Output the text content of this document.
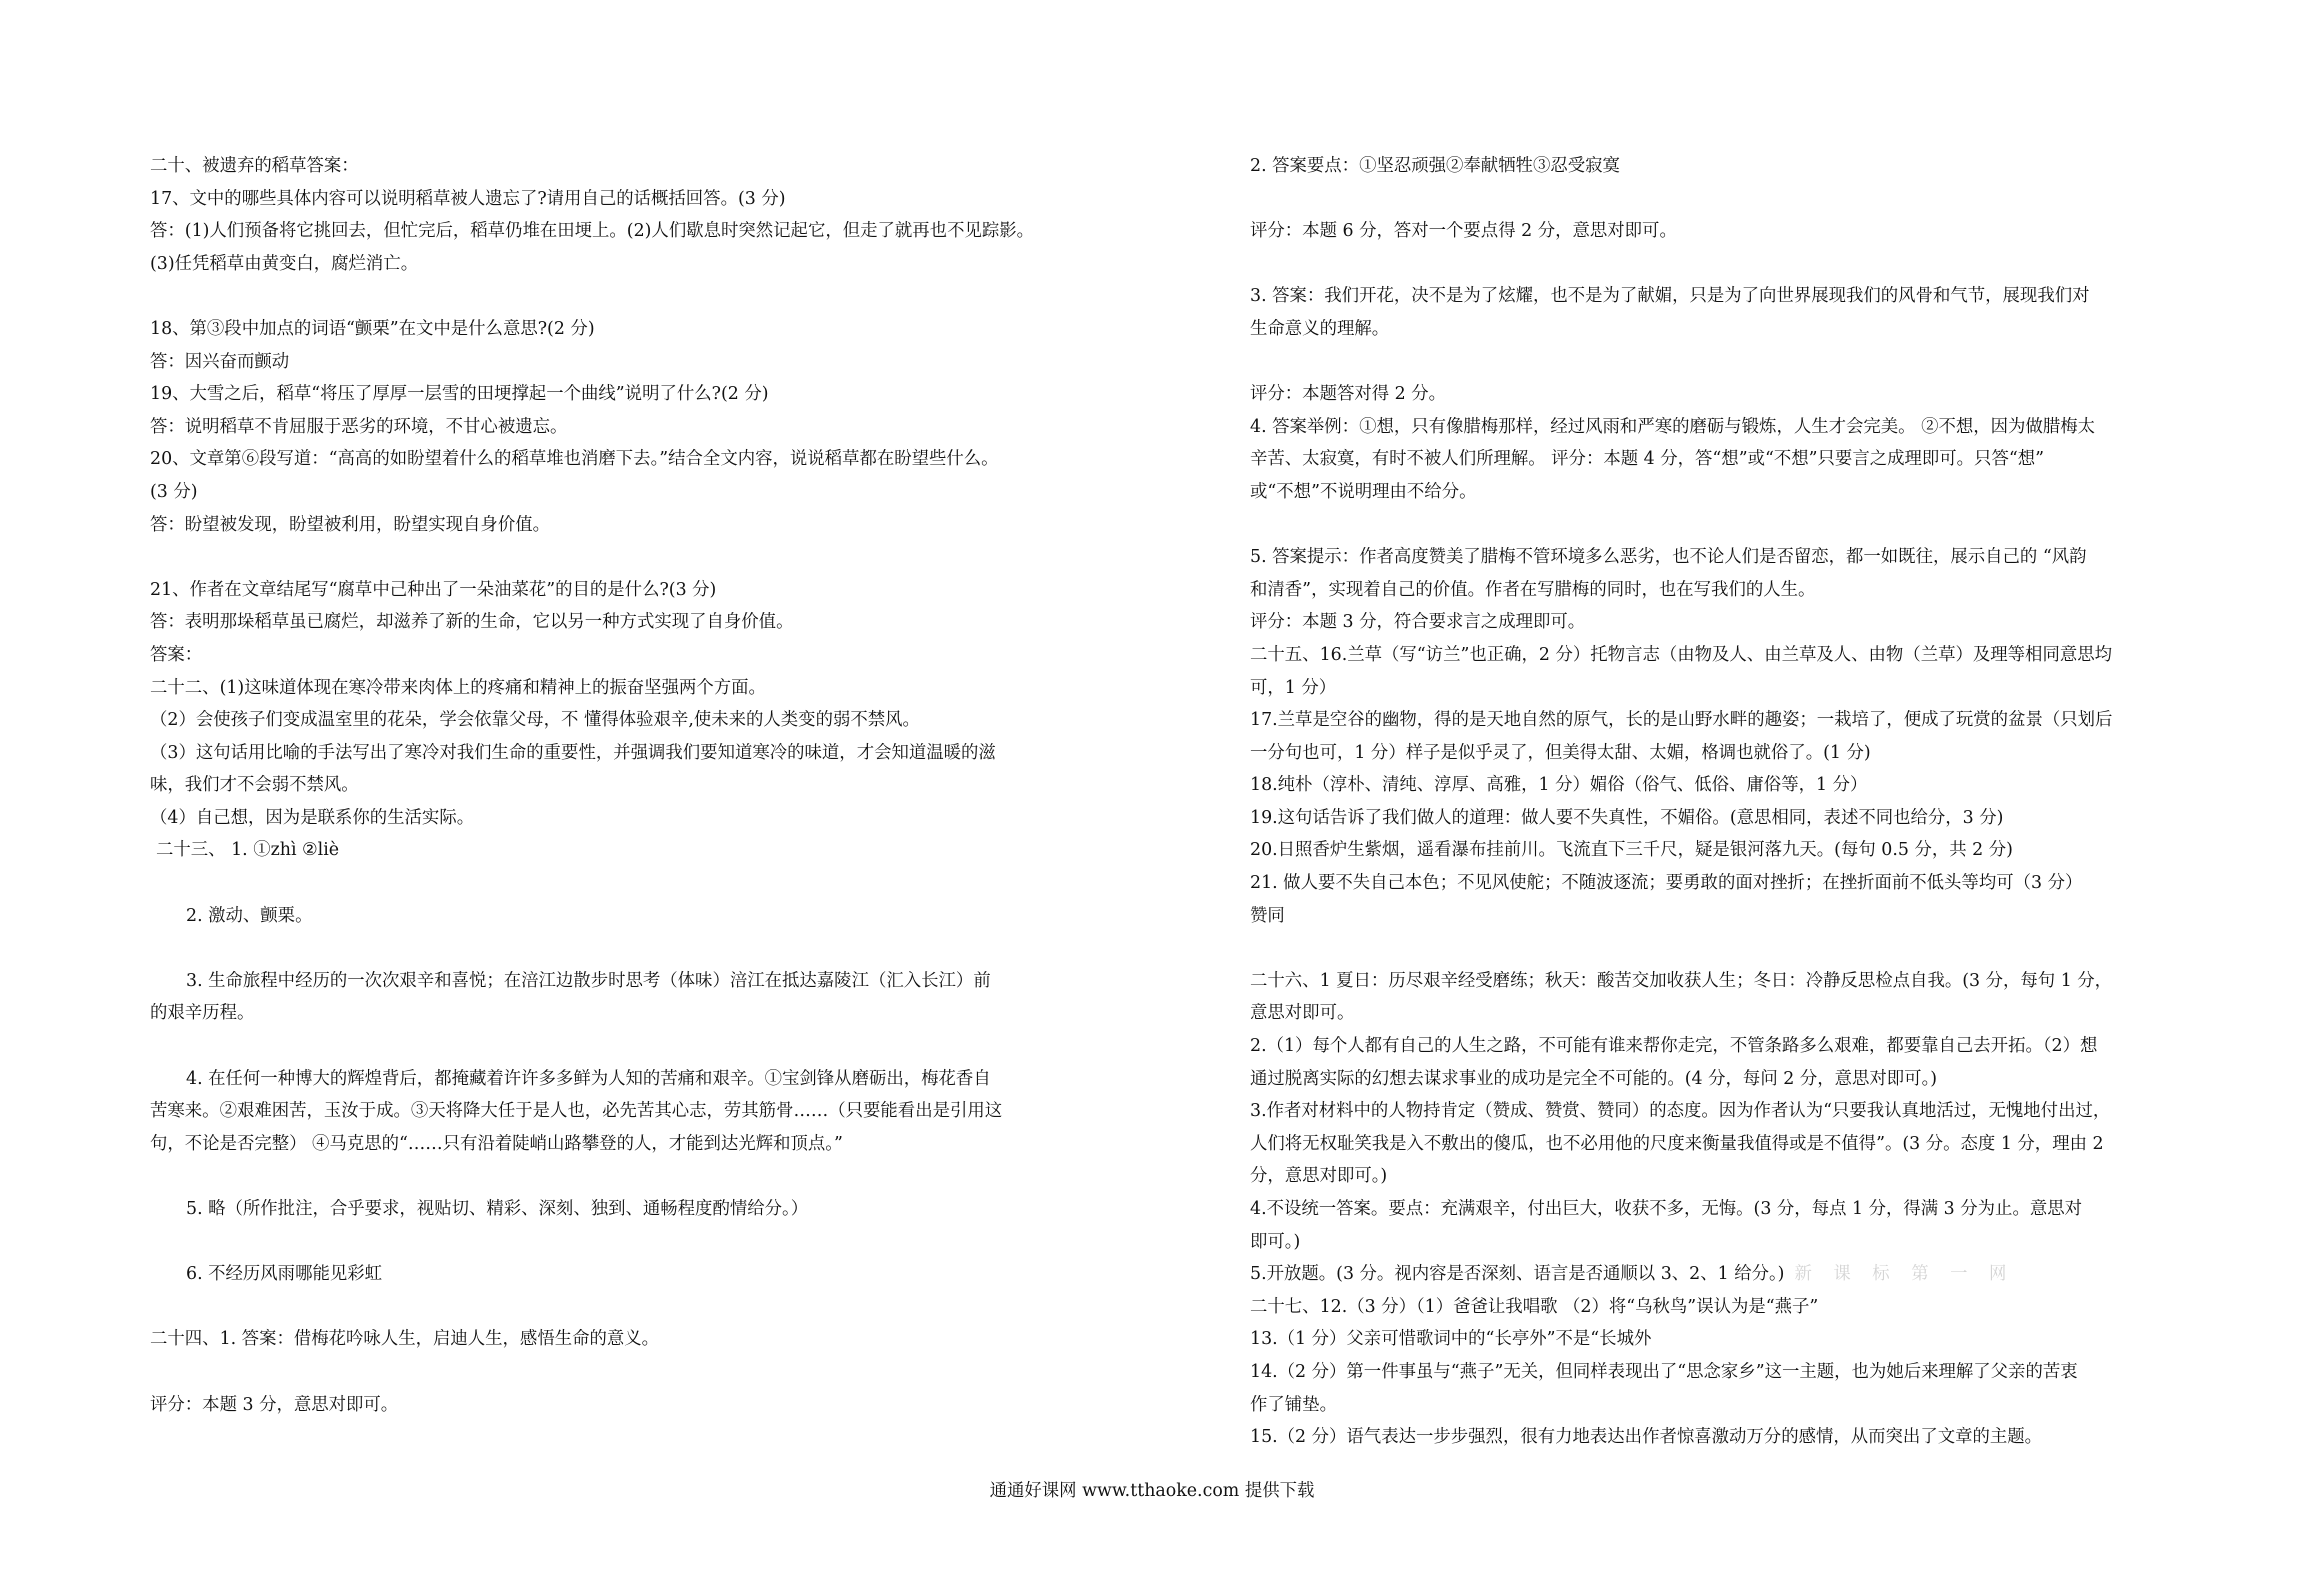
二十、被遗弃的稻草答案：
17、文中的哪些具体内容可以说明稻草被人遗忘了?请用自己的话概括回答。(3 分)
答：(1)人们预备将它挑回去，但忙完后，稻草仍堆在田埂上。(2)人们歇息时突然记起它，但走了就再也不见踪影。
(3)任凭稻草由黄变白，腐烂消亡。
18、第③段中加点的词语“颤栗”在文中是什么意思?(2 分)
答：因兴奋而颤动
19、大雪之后，稻草“将压了厚厚一层雪的田埂撑起一个曲线”说明了什么?(2 分)
答：说明稻草不肯屈服于恶劣的环境，不甘心被遗忘。
20、文章第⑥段写道：“高高的如盼望着什么的稻草堆也消磨下去。”结合全文内容，说说稻草都在盼望些什么。
(3 分)
答：盼望被发现，盼望被利用，盼望实现自身价值。
21、作者在文章结尾写“腐草中己种出了一朵油菜花”的目的是什么?(3 分)
答：表明那垛稻草虽已腐烂，却滋养了新的生命，它以另一种方式实现了自身价值。
答案：
二十二、(1)这味道体现在寒冷带来肉体上的疼痛和精神上的振奋坚强两个方面。
（2）会使孩子们变成温室里的花朵，学会依靠父母，不 懂得体验艰辛,使未来的人类变的弱不禁风。
（3）这句话用比喻的手法写出了寒冷对我们生命的重要性，并强调我们要知道寒冷的味道，才会知道温暖的滋
味，我们才不会弱不禁风。
（4）自己想，因为是联系你的生活实际。
二十三、 1. ①zhì ②liè
2. 激动、颤栗。
3. 生命旅程中经历的一次次艰辛和喜悦；在涪江边散步时思考（体味）涪江在抵达嘉陵江（汇入长江）前
的艰辛历程。
4. 在任何一种博大的辉煌背后，都掩藏着许许多多鲜为人知的苦痛和艰辛。①宝剑锋从磨砺出，梅花香自
苦寒来。②艰难困苦，玉汝于成。③天将降大任于是人也，必先苦其心志，劳其筋骨……（只要能看出是引用这
句，不论是否完整） ④马克思的“……只有沿着陡峭山路攀登的人，才能到达光辉和顶点。”
5. 略（所作批注，合乎要求，视贴切、精彩、深刻、独到、通畅程度酌情给分。）
6. 不经历风雨哪能见彩虹
二十四、1. 答案：借梅花吟咏人生，启迪人生，感悟生命的意义。
评分：本题 3 分，意思对即可。
2. 答案要点：①坚忍顽强②奉献牺牲③忍受寂寞
评分：本题 6 分，答对一个要点得 2 分，意思对即可。
3. 答案：我们开花，决不是为了炫耀，也不是为了献媚，只是为了向世界展现我们的风骨和气节，展现我们对
生命意义的理解。
评分：本题答对得 2 分。
4. 答案举例：①想，只有像腊梅那样，经过风雨和严寒的磨砺与锻炼，人生才会完美。 ②不想，因为做腊梅太
辛苦、太寂寞，有时不被人们所理解。 评分：本题 4 分，答“想”或“不想”只要言之成理即可。只答“想”
或“不想”不说明理由不给分。
5. 答案提示：作者高度赞美了腊梅不管环境多么恶劣，也不论人们是否留恋，都一如既往，展示自己的 “风韵
和清香”，实现着自己的价值。作者在写腊梅的同时，也在写我们的人生。
评分：本题 3 分，符合要求言之成理即可。
二十五、16.兰草（写“访兰”也正确，2 分）托物言志（由物及人、由兰草及人、由物（兰草）及理等相同意思均
可，1 分）
17.兰草是空谷的幽物，得的是天地自然的原气，长的是山野水畔的趣姿；一栽培了，便成了玩赏的盆景（只划后
一分句也可，1 分）样子是似乎灵了，但美得太甜、太媚，格调也就俗了。(1 分)
18.纯朴（淳朴、清纯、淳厚、高雅，1 分）媚俗（俗气、低俗、庸俗等，1 分）
19.这句话告诉了我们做人的道理：做人要不失真性，不媚俗。(意思相同，表述不同也给分，3 分)
20.日照香炉生紫烟，遥看瀑布挂前川。飞流直下三千尺，疑是银河落九天。(每句 0.5 分，共 2 分)
21. 做人要不失自己本色；不见风使舵；不随波逐流；要勇敢的面对挫折；在挫折面前不低头等均可（3 分）
赞同
二十六、1 夏日：历尽艰辛经受磨练；秋天：酸苦交加收获人生；冬日：冷静反思检点自我。(3 分，每句 1 分，
意思对即可。
2.（1）每个人都有自己的人生之路，不可能有谁来帮你走完，不管条路多么艰难，都要靠自己去开拓。（2）想
通过脱离实际的幻想去谋求事业的成功是完全不可能的。(4 分，每问 2 分，意思对即可。)
3.作者对材料中的人物持肯定（赞成、赞赏、赞同）的态度。因为作者认为“只要我认真地活过，无愧地付出过，
人们将无权耻笑我是入不敷出的傻瓜，也不必用他的尺度来衡量我值得或是不值得”。(3 分。态度 1 分，理由 2
分，意思对即可。)
4.不设统一答案。要点：充满艰辛，付出巨大，收获不多，无悔。(3 分，每点 1 分，得满 3 分为止。意思对
即可。)
5.开放题。(3 分。视内容是否深刻、语言是否通顺以 3、2、1 给分。) 新 课 标 第 一 网
二十七、12.（3 分）（1）爸爸让我唱歌 （2）将“乌秋鸟”误认为是“燕子”
13.（1 分）父亲可惜歌词中的“长亭外”不是“长城外
14.（2 分）第一件事虽与“燕子”无关，但同样表现出了“思念家乡”这一主题，也为她后来理解了父亲的苦衷
作了铺垫。
15.（2 分）语气表达一步步强烈，很有力地表达出作者惊喜激动万分的感情，从而突出了文章的主题。
通通好课网 www.tthaoke.com 提供下载
